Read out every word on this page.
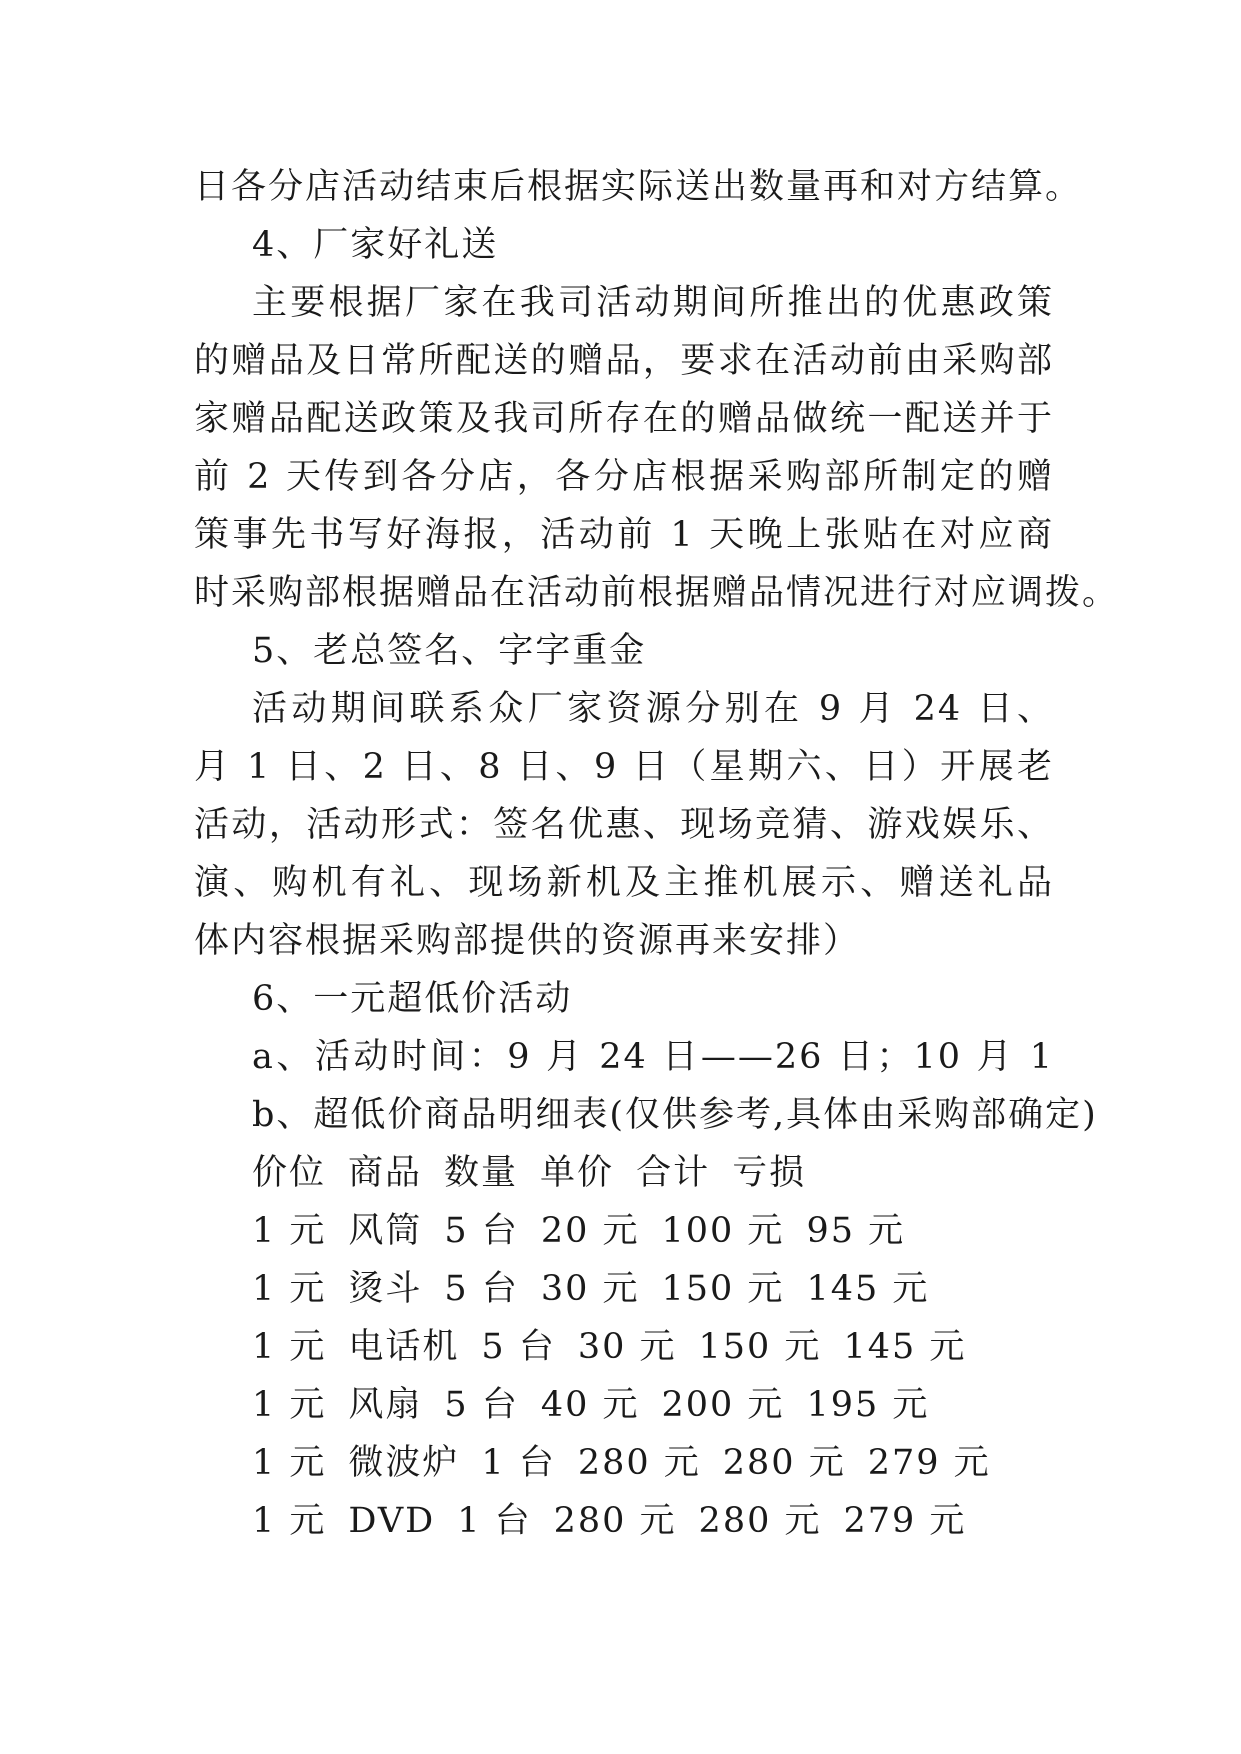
日各分店活动结束后根据实际送出数量再和对方结算。
4、厂家好礼送
主要根据厂家在我司活动期间所推出的优惠政策
的赠品及日常所配送的赠品，要求在活动前由采购部
家赠品配送政策及我司所存在的赠品做统一配送并于
前 2 天传到各分店，各分店根据采购部所制定的赠
策事先书写好海报，活动前 1 天晚上张贴在对应商
时采购部根据赠品在活动前根据赠品情况进行对应调拨。
5、老总签名、字字重金
活动期间联系众厂家资源分别在 9 月 24 日、
月 1 日、2 日、8 日、9 日（星期六、日）开展老
活动，活动形式：签名优惠、现场竞猜、游戏娱乐、
演、购机有礼、现场新机及主推机展示、赠送礼品
体内容根据采购部提供的资源再来安排）
6、一元超低价活动
a、活动时间：9 月 24 日——26 日；10 月 1
b、超低价商品明细表(仅供参考,具体由采购部确定)
价位 商品 数量 单价 合计 亏损
1 元 风筒 5 台 20 元 100 元 95 元
1 元 烫斗 5 台 30 元 150 元 145 元
1 元 电话机 5 台 30 元 150 元 145 元
1 元 风扇 5 台 40 元 200 元 195 元
1 元 微波炉 1 台 280 元 280 元 279 元
1 元 DVD 1 台 280 元 280 元 279 元
